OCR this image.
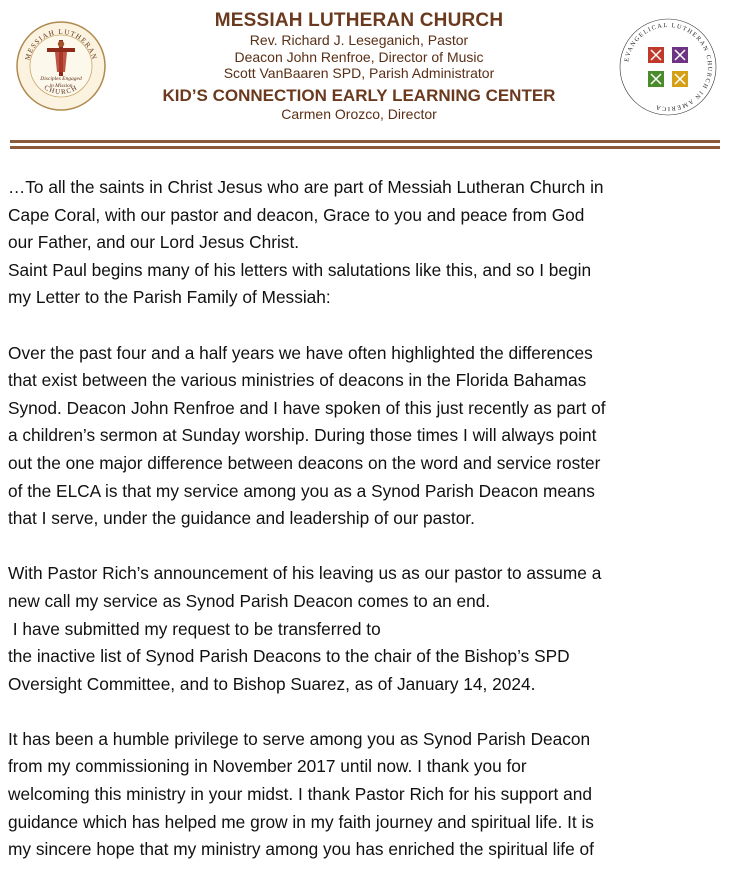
MESSIAH LUTHERAN
CHURCH
Disciples Engaged
in Mission
MESSIAH LUTHERAN CHURCH
Rev. Richard J. Leseganich, Pastor
Deacon John Renfroe, Director of Music
Scott VanBaaren SPD, Parish Administrator
KID’S CONNECTION EARLY LEARNING CENTER
Carmen Orozco, Director
EVANGELICAL LUTHERAN CHURCH IN AMERICA

…To all the saints in Christ Jesus who are part of Messiah Lutheran Church in

Cape Coral, with our pastor and deacon, Grace to you and peace from God

our Father, and our Lord Jesus Christ.

Saint Paul begins many of his letters with salutations like this, and so I begin

my Letter to the Parish Family of Messiah:

Over the past four and a half years we have often highlighted the differences

that exist between the various ministries of deacons in the Florida Bahamas

Synod. Deacon John Renfroe and I have spoken of this just recently as part of

a children’s sermon at Sunday worship. During those times I will always point

out the one major difference between deacons on the word and service roster

of the ELCA is that my service among you as a Synod Parish Deacon means

that I serve, under the guidance and leadership of our pastor.

With Pastor Rich’s announcement of his leaving us as our pastor to assume a

new call my service as Synod Parish Deacon comes to an end.

I have submitted my request to be transferred to

the inactive list of Synod Parish Deacons to the chair of the Bishop’s SPD

Oversight Committee, and to Bishop Suarez, as of January 14, 2024.

It has been a humble privilege to serve among you as Synod Parish Deacon

from my commissioning in November 2017 until now. I thank you for

welcoming this ministry in your midst. I thank Pastor Rich for his support and

guidance which has helped me grow in my faith journey and spiritual life. It is

my sincere hope that my ministry among you has enriched the spiritual life of
